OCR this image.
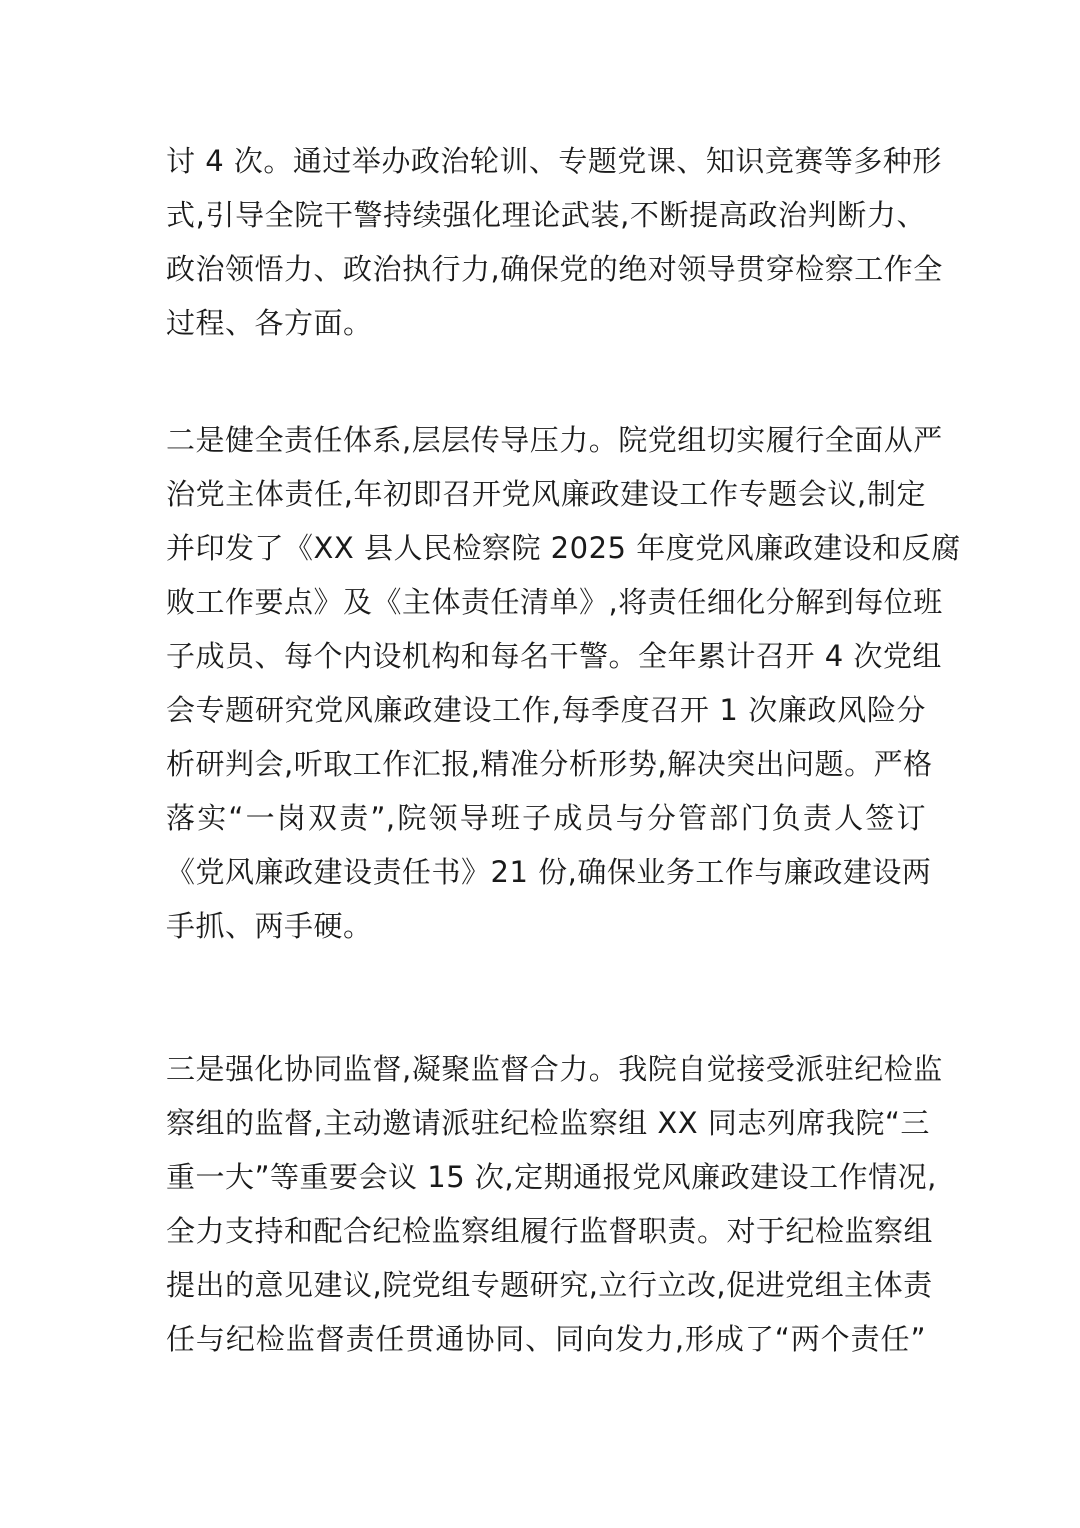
讨 4 次。通过举办政治轮训、专题党课、知识竞赛等多种形
式,引导全院干警持续强化理论武装,不断提高政治判断力、
政治领悟力、政治执行力,确保党的绝对领导贯穿检察工作全
过程、各方面。
二是健全责任体系,层层传导压力。院党组切实履行全面从严
治党主体责任,年初即召开党风廉政建设工作专题会议,制定
并印发了《XX 县人民检察院 2025 年度党风廉政建设和反腐
败工作要点》及《主体责任清单》,将责任细化分解到每位班
子成员、每个内设机构和每名干警。全年累计召开 4 次党组
会专题研究党风廉政建设工作,每季度召开 1 次廉政风险分
析研判会,听取工作汇报,精准分析形势,解决突出问题。严格
落实“一岗双责”,院领导班子成员与分管部门负责人签订
《党风廉政建设责任书》21 份,确保业务工作与廉政建设两
手抓、两手硬。
三是强化协同监督,凝聚监督合力。我院自觉接受派驻纪检监
察组的监督,主动邀请派驻纪检监察组 XX 同志列席我院“三
重一大”等重要会议 15 次,定期通报党风廉政建设工作情况,
全力支持和配合纪检监察组履行监督职责。对于纪检监察组
提出的意见建议,院党组专题研究,立行立改,促进党组主体责
任与纪检监督责任贯通协同、同向发力,形成了“两个责任”
